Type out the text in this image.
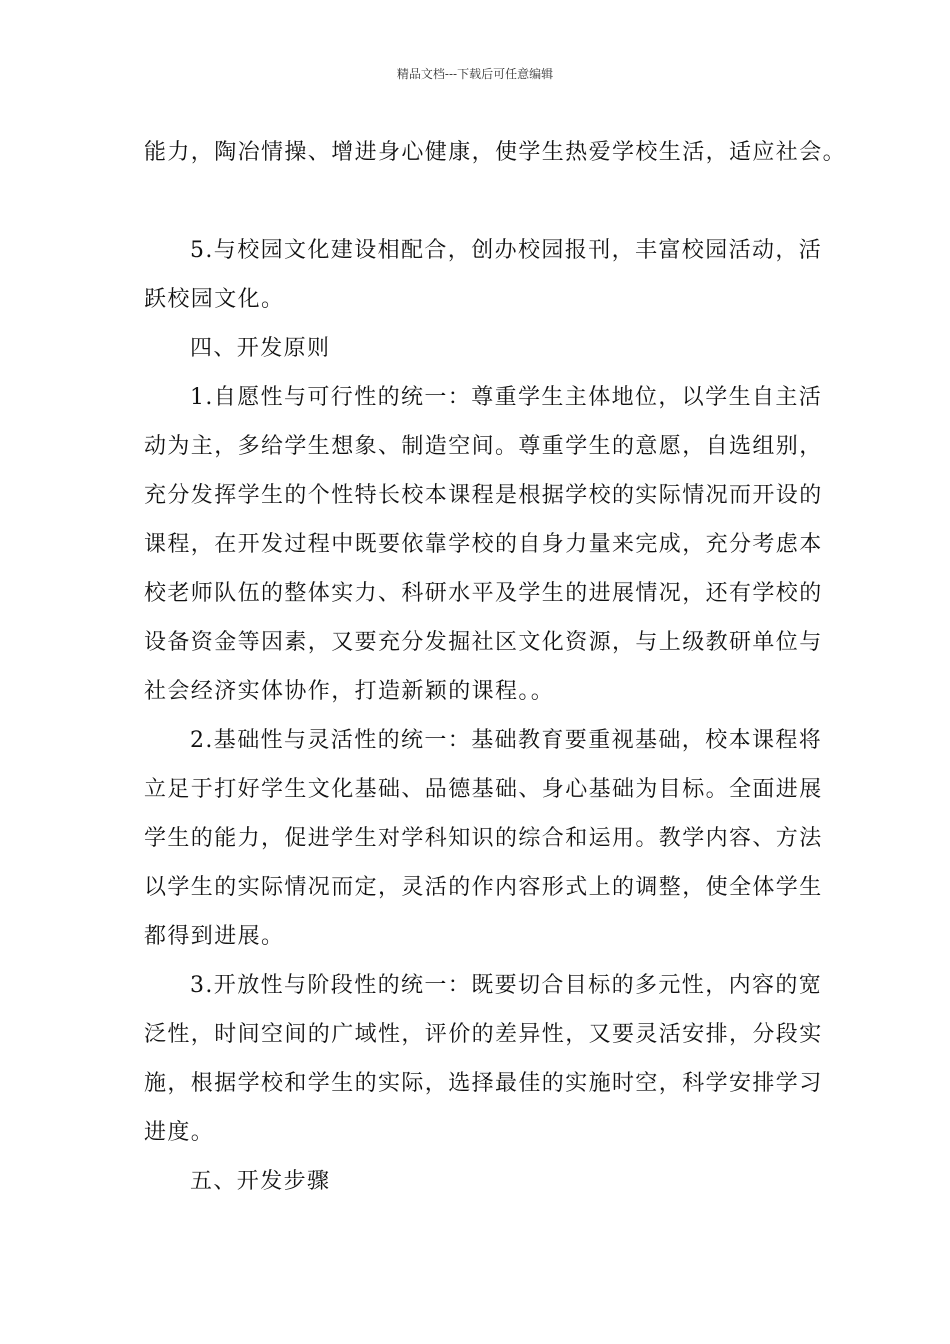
精品文档---下载后可任意编辑

能力，陶冶情操、增进身心健康，使学生热爱学校生活，适应社会。

5.与校园文化建设相配合，创办校园报刊，丰富校园活动，活

跃校园文化。

四、开发原则

1.自愿性与可行性的统一：尊重学生主体地位，以学生自主活

动为主，多给学生想象、制造空间。尊重学生的意愿，自选组别，

充分发挥学生的个性特长校本课程是根据学校的实际情况而开设的

课程，在开发过程中既要依靠学校的自身力量来完成，充分考虑本

校老师队伍的整体实力、科研水平及学生的进展情况，还有学校的

设备资金等因素，又要充分发掘社区文化资源，与上级教研单位与

社会经济实体协作，打造新颖的课程。。

2.基础性与灵活性的统一：基础教育要重视基础，校本课程将

立足于打好学生文化基础、品德基础、身心基础为目标。全面进展

学生的能力，促进学生对学科知识的综合和运用。教学内容、方法

以学生的实际情况而定，灵活的作内容形式上的调整，使全体学生

都得到进展。

3.开放性与阶段性的统一：既要切合目标的多元性，内容的宽

泛性，时间空间的广域性，评价的差异性，又要灵活安排，分段实

施，根据学校和学生的实际，选择最佳的实施时空，科学安排学习

进度。

五、开发步骤
